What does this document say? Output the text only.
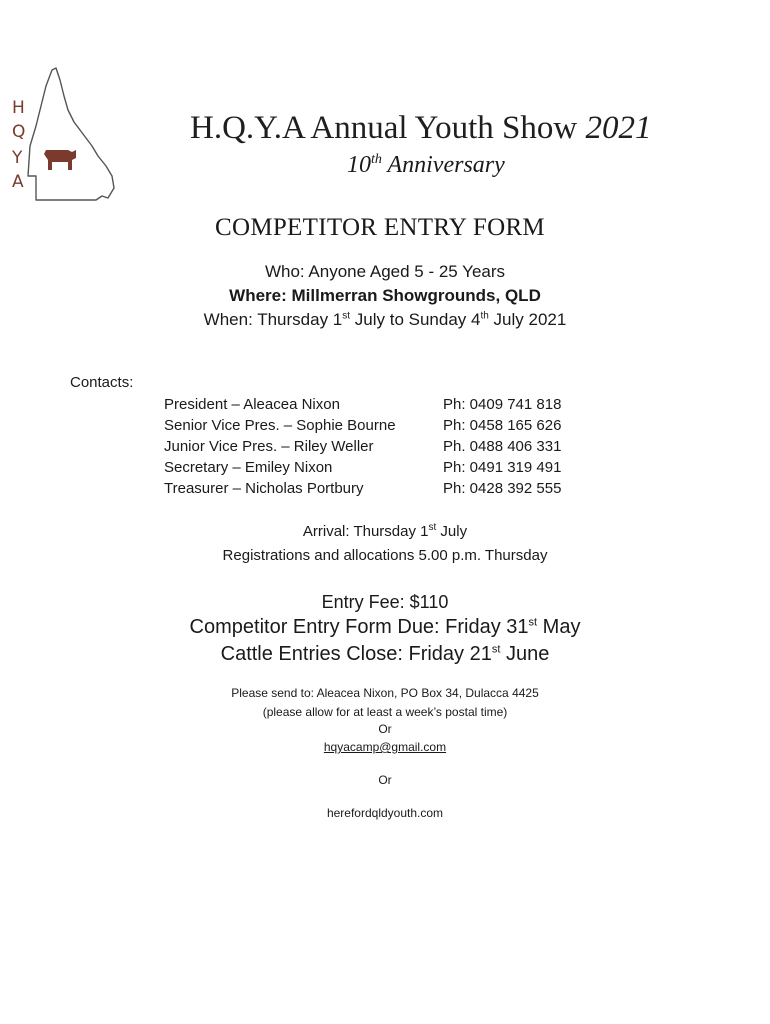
H
Q
Y
A
H.Q.Y.A Annual Youth Show 2021
10th Anniversary
COMPETITOR ENTRY FORM
Who: Anyone Aged 5 - 25 Years
Where: Millmerran Showgrounds, QLD
When: Thursday 1st July to Sunday 4th July 2021
Contacts:
President – Aleacea Nixon	Ph: 0409 741 818
Senior Vice Pres. – Sophie Bourne	Ph: 0458 165 626
Junior Vice Pres. – Riley Weller	Ph. 0488 406 331
Secretary – Emiley Nixon	Ph: 0491 319 491
Treasurer – Nicholas Portbury	Ph: 0428 392 555
Arrival: Thursday 1st July
Registrations and allocations 5.00 p.m. Thursday
Entry Fee: $110
Competitor Entry Form Due: Friday 31st May
Cattle Entries Close: Friday 21st June
Please send to: Aleacea Nixon, PO Box 34, Dulacca 4425
(please allow for at least a week’s postal time)
Or
hqyacamp@gmail.com
Or
herefordqldyouth.com
